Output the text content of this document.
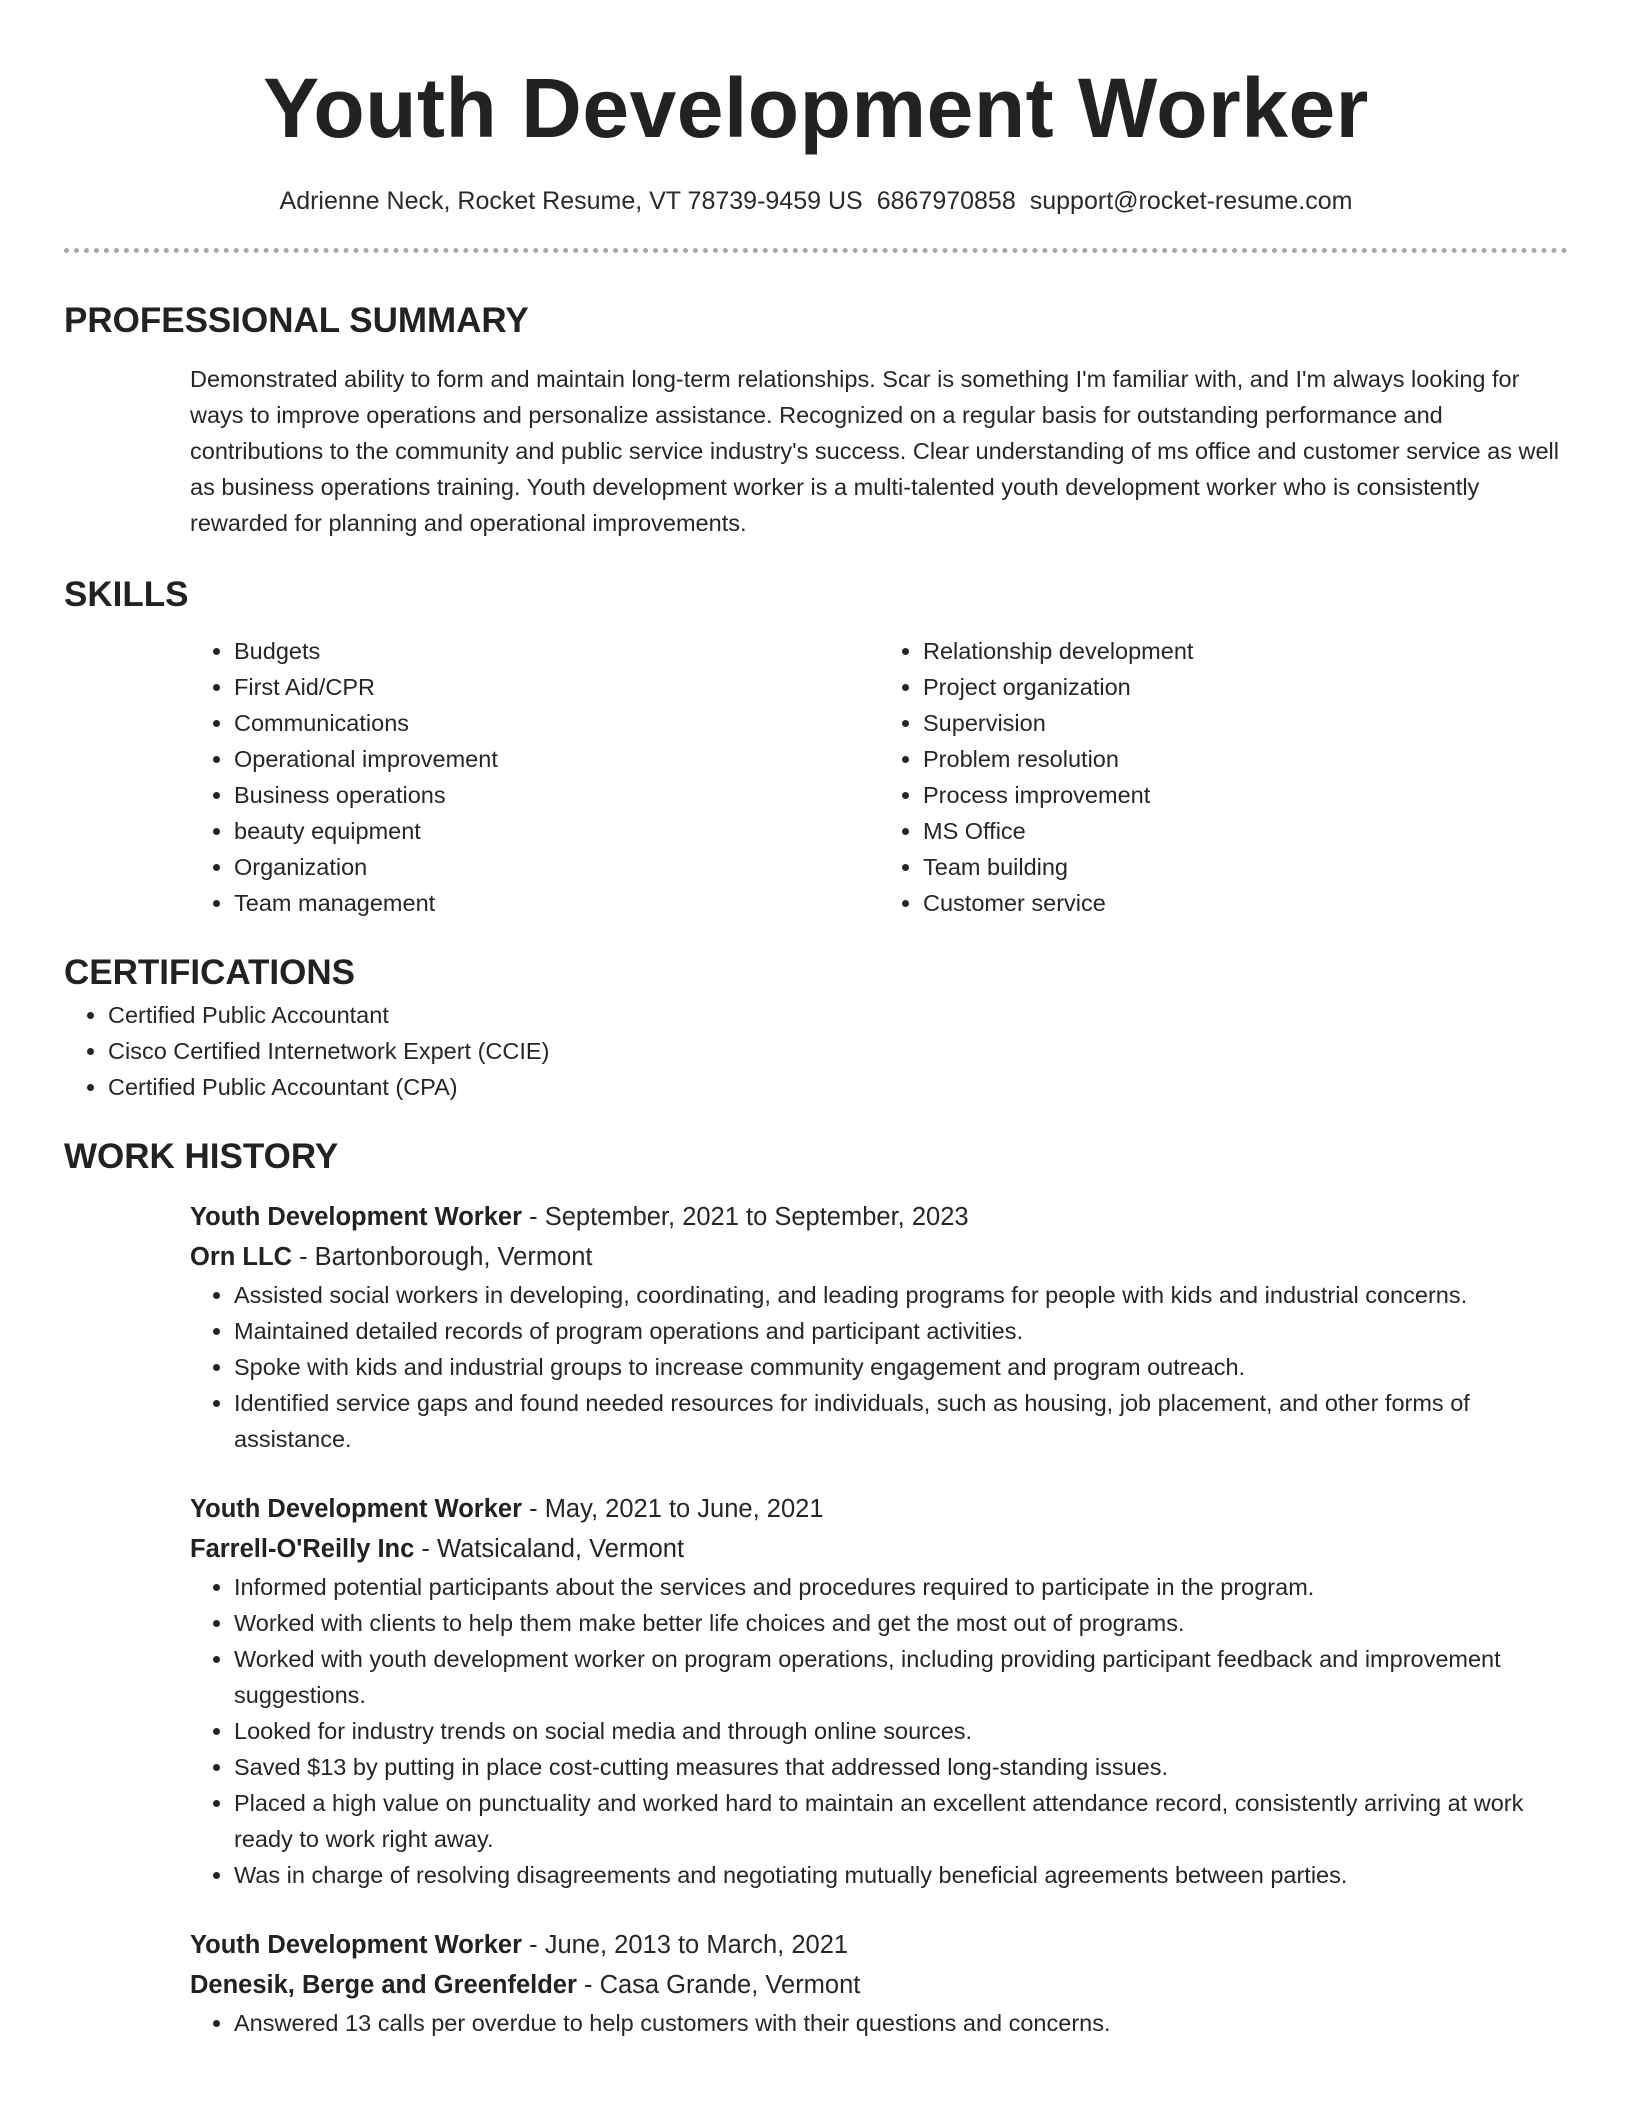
Youth Development Worker
Adrienne Neck, Rocket Resume, VT 78739-9459 US 6867970858 support@rocket-resume.com
PROFESSIONAL SUMMARY

Demonstrated ability to form and maintain long-term relationships. Scar is something I'm familiar with, and I'm always looking for ways to improve operations and personalize assistance. Recognized on a regular basis for outstanding performance and contributions to the community and public service industry's success. Clear understanding of ms office and customer service as well as business operations training. Youth development worker is a multi-talented youth development worker who is consistently rewarded for planning and operational improvements.

SKILLS
• Budgets
• First Aid/CPR
• Communications
• Operational improvement
• Business operations
• beauty equipment
• Organization
• Team management
• Relationship development
• Project organization
• Supervision
• Problem resolution
• Process improvement
• MS Office
• Team building
• Customer service
CERTIFICATIONS
• Certified Public Accountant
• Cisco Certified Internetwork Expert (CCIE)
• Certified Public Accountant (CPA)
WORK HISTORY
Youth Development Worker - September, 2021 to September, 2023
Orn LLC - Bartonborough, Vermont
• Assisted social workers in developing, coordinating, and leading programs for people with kids and industrial concerns.
• Maintained detailed records of program operations and participant activities.
• Spoke with kids and industrial groups to increase community engagement and program outreach.
• Identified service gaps and found needed resources for individuals, such as housing, job placement, and other forms of assistance.
Youth Development Worker - May, 2021 to June, 2021
Farrell-O'Reilly Inc - Watsicaland, Vermont
• Informed potential participants about the services and procedures required to participate in the program.
• Worked with clients to help them make better life choices and get the most out of programs.
• Worked with youth development worker on program operations, including providing participant feedback and improvement suggestions.
• Looked for industry trends on social media and through online sources.
• Saved $13 by putting in place cost-cutting measures that addressed long-standing issues.
• Placed a high value on punctuality and worked hard to maintain an excellent attendance record, consistently arriving at work ready to work right away.
• Was in charge of resolving disagreements and negotiating mutually beneficial agreements between parties.
Youth Development Worker - June, 2013 to March, 2021
Denesik, Berge and Greenfelder - Casa Grande, Vermont
• Answered 13 calls per overdue to help customers with their questions and concerns.
